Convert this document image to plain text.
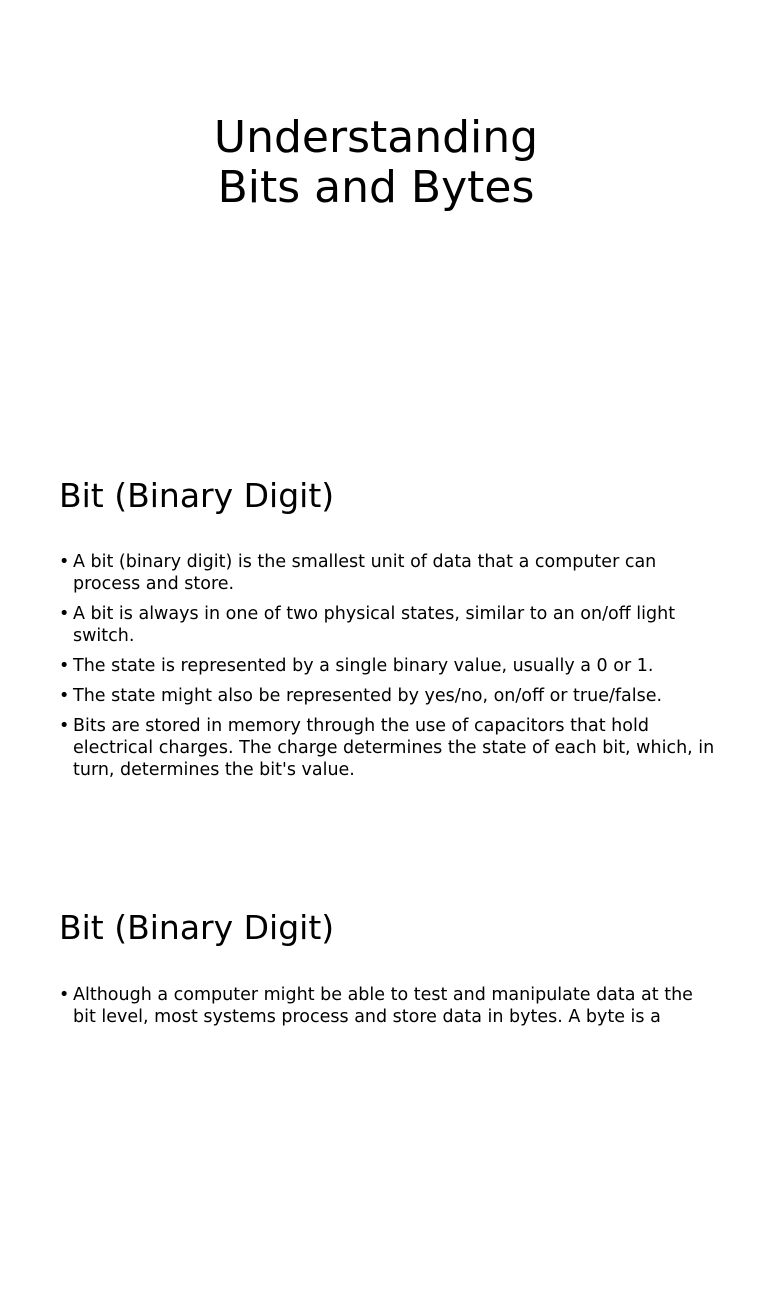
Understanding
Bits and Bytes
Bit (Binary Digit)
• A bit (binary digit) is the smallest unit of data that a computer can process and store.
• A bit is always in one of two physical states, similar to an on/off light switch.
• The state is represented by a single binary value, usually a 0 or 1.
• The state might also be represented by yes/no, on/off or true/false.
• Bits are stored in memory through the use of capacitors that hold electrical charges. The charge determines the state of each bit, which, in turn, determines the bit's value.
Bit (Binary Digit)
• Although a computer might be able to test and manipulate data at the bit level, most systems process and store data in bytes. A byte is a
